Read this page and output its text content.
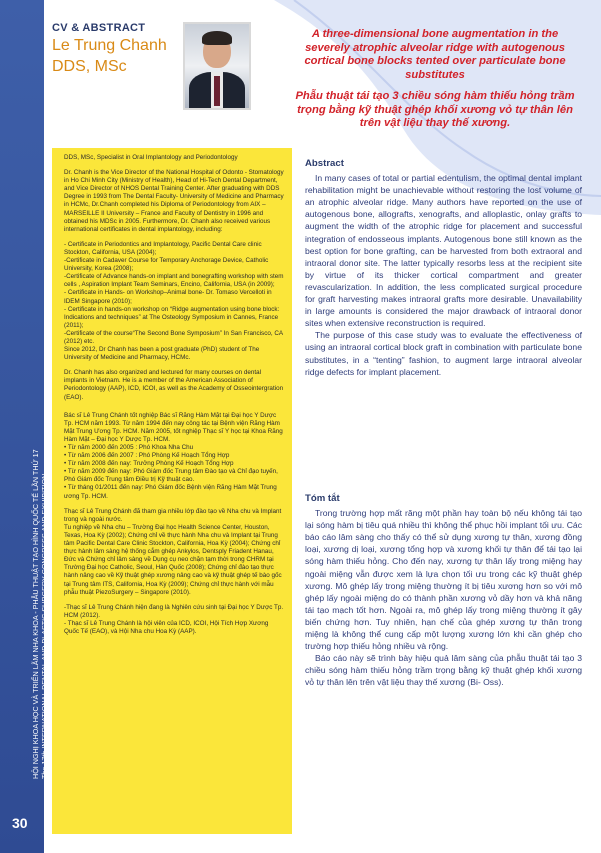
HỘI NGHỊ KHOA HỌC VÀ TRIỂN LÃM NHA KHOA - PHẪU THUẬT TẠO HÌNH QUỐC TẾ LẦN THỨ 17 The 17th INTERNATIONAL DENTAL AND PLASTIC SURGERY CONGRESS AND EXHIBITION
30
CV & ABSTRACT
Le Trung Chanh
DDS, MSc
A three-dimensional bone augmentation in the severely atrophic alveolar ridge with autogenous cortical bone blocks tented over particulate bone substitutes
Phẫu thuật tái tạo 3 chiều sóng hàm thiếu hỏng trầm trọng bằng kỹ thuật ghép khối xương vỏ tự thân lên trên vật liệu thay thế xương.

DDS, MSc, Specialist in Oral Implantology and Periodontology

Dr. Chanh is the Vice Director of the National Hospital of Odonto - Stomatology in Ho Chi Minh City (Ministry of Health), Head of Hi-Tech Dental Department, and Vice Director of NHOS Dental Training Center. After graduating with DDS Degree in 1993 from The Dental Faculty- University of Medicine and Pharmacy in HCMc, Dr.Chanh completed his Diploma of Periodontology from AIX – MARSEILLE II University – France and Faculty of Dentistry in 1996 and obtained his MDSc in 2005. Furthermore, Dr. Chanh also received various international certificates in dental implantology, including:

- Certificate in Periodontics and Implantology, Pacific Dental Care clinic Stockton, California, USA (2004);
-Certificate in Cadaver Course for Temporary Anchorage Device, Catholic University, Korea (2008);
-Certificate of Advance hands-on implant and bonegrafting workshop with stem cells , Aspiration Implant Team Seminars, Encino, California, USA (in 2009);
- Certificate in Hands- on Workshop–Animal bone- Dr. Tomaso Vercelloti in IDEM Singapore (2010);
- Certificate in hands-on workshop on “Ridge augmentation using bone block: Indications and techniques” at The Osteology Symposium in Cannes, France (2011);
-Certificate of the course“The Second Bone Symposium” In San Francisco, CA (2012) etc.
Since 2012, Dr Chanh has been a post graduate (PhD) student of The University of Medicine and Pharmacy, HCMc.

Dr. Chanh has also organized and lectured for many courses on dental implants in Vietnam. He is a member of the American Association of Periodontology (AAP), ICD, ICOI, as well as the Academy of Osseointergration (EAO).

Bác sĩ Lê Trung Chánh tốt nghiệp Bác sĩ Răng Hàm Mặt tại Đại học Y Dược Tp. HCM năm 1993. Từ năm 1994 đến nay công tác tại Bệnh viện Răng Hàm Mặt Trung Ương Tp. HCM. Năm 2005, tốt nghiệp Thạc sĩ Y học tại Khoa Răng Hàm Mặt – Đại học Y Dược Tp. HCM.
• Từ năm 2000 đến 2005 : Phó Khoa Nha Chu
• Từ năm 2006 đến 2007 : Phó Phòng Kế Hoạch Tổng Hợp
• Từ năm 2008 đến nay: Trưởng Phòng Kế Hoạch Tổng Hợp
• Từ năm 2009 đến nay: Phó Giám đốc Trung tâm Đào tạo và Chỉ đạo tuyến, Phó Giám đốc Trung tâm Điều trị Kỹ thuật cao.
• Từ tháng 01/2011 đến nay: Phó Giám đốc Bệnh viện Răng Hàm Mặt Trung ương Tp. HCM.

Thạc sĩ Lê Trung Chánh đã tham gia nhiều lớp đào tạo về Nha chu và Implant trong và ngoài nước.
Tu nghiệp về Nha chu – Trường Đại học Health Science Center, Houston, Texas, Hoa Kỳ (2002); Chứng chỉ về thực hành Nha chu và Implant tại Trung tâm Pacific Dental Care Clinic Stockton, California, Hoa Kỳ (2004); Chứng chỉ thực hành lâm sàng hệ thống cắm ghép Ankylos, Dentsply Friadent Hanau, Đức và Chứng chỉ lâm sàng về Dụng cụ neo chặn tạm thời trong CHRM tại Trường Đại học Catholic, Seoul, Hàn Quốc (2008); Chứng chỉ đào tạo thực hành nâng cao về Kỹ thuật ghép xương nâng cao và kỹ thuật ghép tế bào gốc tại Trung tâm ITS, California, Hoa Kỳ (2009); Chứng chỉ thực hành với mẫu phẫu thuật PiezoSurgery – Singapore (2010).

-Thạc sĩ Lê Trung Chánh hiện đang là Nghiên cứu sinh tại Đại học Y Dược Tp. HCM (2012).
- Thạc sĩ Lê Trung Chánh là hội viên của ICD, ICOI, Hội Tích Hợp Xương Quốc Tế (EAO), và Hội Nha chu Hoa Kỳ (AAP).

Abstract

In many cases of total or partial edentulism, the optimal dental implant rehabilitation might be unachievable without restoring the lost volume of an atrophic alveolar ridge. Many authors have reported on the use of autogenous bone, allografts, xenografts, and alloplastic, onlay grafts to augment the width of the atrophic ridge for placement and successful integration of endosseous implants. Autogenous bone still known as the best option for bone grafting, can be harvested from both extraoral and intraoral donor site. The latter typically resorbs less at the recipient site by virtue of its thicker cortical compartment and greater revascularization. In addition, the less complicated surgical procedure for graft harvesting makes intraoral grafts more desirable. Unavailability in large amounts is considered the major drawback of intraoral donor sites when extensive reconstruction is required.

The purpose of this case study was to evaluate the effectiveness of using an intraoral cortical block graft in combination with particulate bone substitutes, in a “tenting” fashion, to augment large intraoral alveolar ridge defects for implant placement.

Tóm tắt

Trong trường hợp mất răng một phần hay toàn bộ nếu không tái tạo lại sóng hàm bị tiêu quá nhiều thì không thể phục hồi implant tối ưu. Các báo cáo lâm sàng cho thấy có thể sử dụng xương tự thân, xương đồng loại, xương dị loại, xương tổng hợp và xương khối tự thân để tái tạo lại sóng hàm thiếu hỏng. Cho đến nay, xương tự thân lấy trong miệng hay ngoài miệng vẫn được xem là lựa chọn tối ưu trong các kỹ thuật ghép xương. Mô ghép lấy trong miệng thường ít bị tiêu xương hơn so với mô ghép lấy ngoài miệng do có thành phần xương vỏ dầy hơn và khả năng tái tạo mạch tốt hơn. Ngoài ra, mô ghép lấy trong miệng thường ít gây biến chứng hơn. Tuy nhiên, hạn chế của ghép xương tự thân trong miệng là không thể cung cấp một lượng xương lớn khi cần ghép cho trường hợp thiếu hỏng nhiều và rộng.

Báo cáo này sẽ trình bày hiệu quả lâm sàng của phẫu thuật tái tạo 3 chiều sóng hàm thiếu hỏng trầm trọng bằng kỹ thuật ghép khối xương vỏ tự thân lên trên vật liệu thay thế xương (Bi- Oss).
